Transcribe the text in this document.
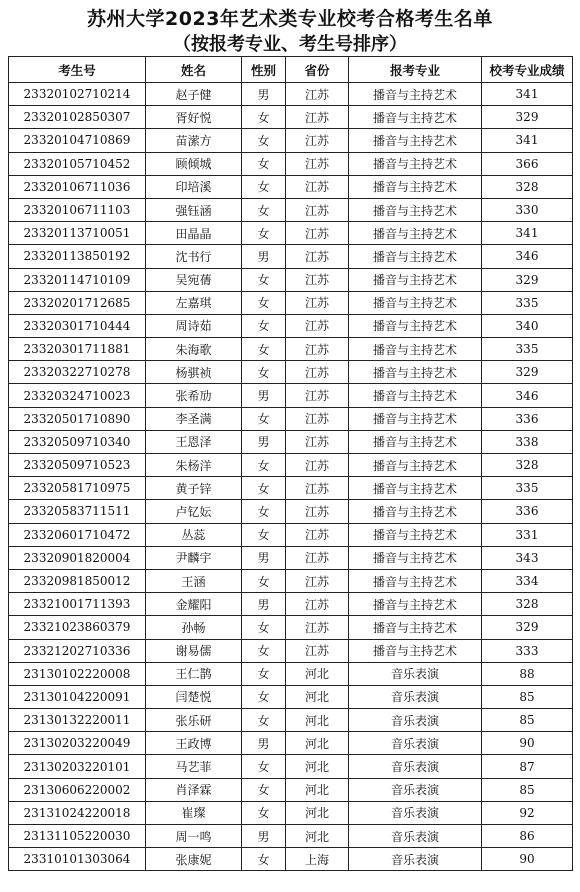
苏州大学2023年艺术类专业校考合格考生名单
（按报考专业、考生号排序）
考生号	姓名	性别	省份	报考专业	校考专业成绩
23320102710214	赵子健	男	江苏	播音与主持艺术	341
23320102850307	胥好悦	女	江苏	播音与主持艺术	329
23320104710869	苗潆方	女	江苏	播音与主持艺术	341
23320105710452	顾倾城	女	江苏	播音与主持艺术	366
23320106711036	印培溪	女	江苏	播音与主持艺术	328
23320106711103	强钰涵	女	江苏	播音与主持艺术	330
23320113710051	田晶晶	女	江苏	播音与主持艺术	341
23320113850192	沈书行	男	江苏	播音与主持艺术	346
23320114710109	吴宛蒨	女	江苏	播音与主持艺术	329
23320201712685	左嘉琪	女	江苏	播音与主持艺术	335
23320301710444	周诗茹	女	江苏	播音与主持艺术	340
23320301711881	朱海歌	女	江苏	播音与主持艺术	335
23320322710278	杨骐祯	女	江苏	播音与主持艺术	329
23320324710023	张希劢	男	江苏	播音与主持艺术	346
23320501710890	李圣满	女	江苏	播音与主持艺术	336
23320509710340	王恩泽	男	江苏	播音与主持艺术	338
23320509710523	朱杨洋	女	江苏	播音与主持艺术	328
23320581710975	黄子锌	女	江苏	播音与主持艺术	335
23320583711511	卢钇妘	女	江苏	播音与主持艺术	336
23320601710472	丛蕊	女	江苏	播音与主持艺术	331
23320901820004	尹麟宇	男	江苏	播音与主持艺术	343
23320981850012	王涵	女	江苏	播音与主持艺术	334
23321001711393	金耀阳	男	江苏	播音与主持艺术	328
23321023860379	孙畅	女	江苏	播音与主持艺术	329
23321202710336	谢易儒	女	江苏	播音与主持艺术	333
23130102220008	王仁鹊	女	河北	音乐表演	88
23130104220091	闫楚悦	女	河北	音乐表演	85
23130132220011	张乐研	女	河北	音乐表演	85
23130203220049	王政博	男	河北	音乐表演	90
23130203220101	马艺菲	女	河北	音乐表演	87
23130606220002	肖泽霖	女	河北	音乐表演	85
23131024220018	崔璨	女	河北	音乐表演	92
23131105220030	周一鸣	男	河北	音乐表演	86
23310101303064	张康妮	女	上海	音乐表演	90
